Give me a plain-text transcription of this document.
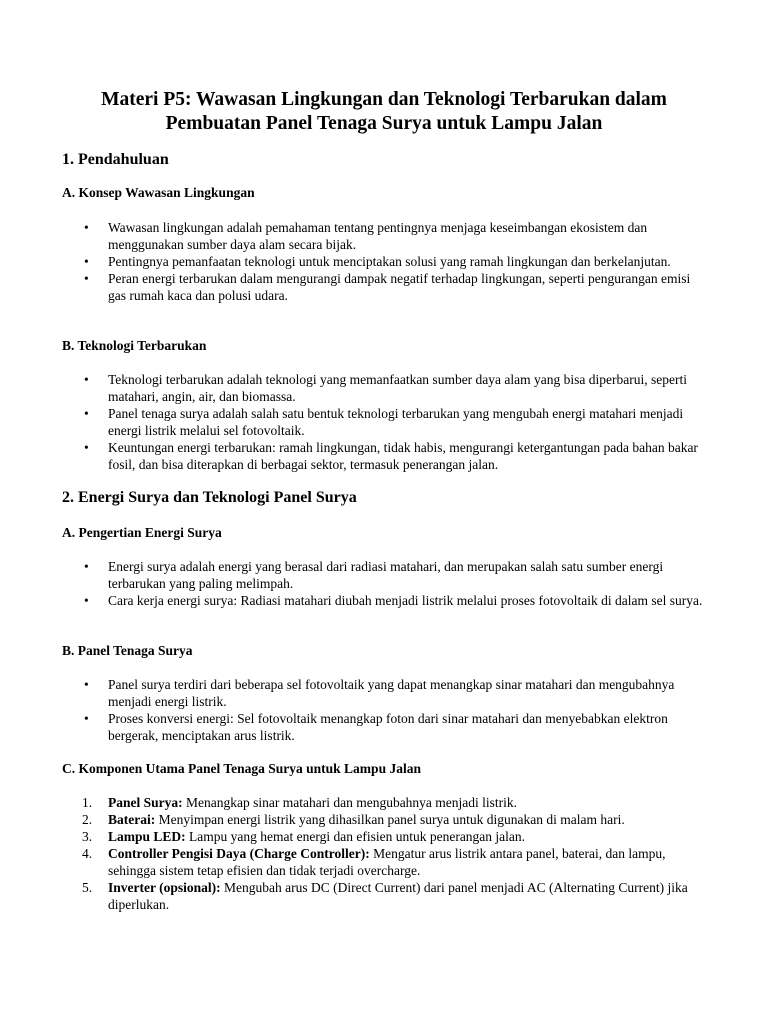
Materi P5: Wawasan Lingkungan dan Teknologi Terbarukan dalam
Pembuatan Panel Tenaga Surya untuk Lampu Jalan
1. Pendahuluan
A. Konsep Wawasan Lingkungan
• Wawasan lingkungan adalah pemahaman tentang pentingnya menjaga keseimbangan ekosistem dan menggunakan sumber daya alam secara bijak.
• Pentingnya pemanfaatan teknologi untuk menciptakan solusi yang ramah lingkungan dan berkelanjutan.
• Peran energi terbarukan dalam mengurangi dampak negatif terhadap lingkungan, seperti pengurangan emisi gas rumah kaca dan polusi udara.
B. Teknologi Terbarukan
• Teknologi terbarukan adalah teknologi yang memanfaatkan sumber daya alam yang bisa diperbarui, seperti matahari, angin, air, dan biomassa.
• Panel tenaga surya adalah salah satu bentuk teknologi terbarukan yang mengubah energi matahari menjadi energi listrik melalui sel fotovoltaik.
• Keuntungan energi terbarukan: ramah lingkungan, tidak habis, mengurangi ketergantungan pada bahan bakar fosil, dan bisa diterapkan di berbagai sektor, termasuk penerangan jalan.
2. Energi Surya dan Teknologi Panel Surya
A. Pengertian Energi Surya
• Energi surya adalah energi yang berasal dari radiasi matahari, dan merupakan salah satu sumber energi terbarukan yang paling melimpah.
• Cara kerja energi surya: Radiasi matahari diubah menjadi listrik melalui proses fotovoltaik di dalam sel surya.
B. Panel Tenaga Surya
• Panel surya terdiri dari beberapa sel fotovoltaik yang dapat menangkap sinar matahari dan mengubahnya menjadi energi listrik.
• Proses konversi energi: Sel fotovoltaik menangkap foton dari sinar matahari dan menyebabkan elektron bergerak, menciptakan arus listrik.
C. Komponen Utama Panel Tenaga Surya untuk Lampu Jalan
1. Panel Surya: Menangkap sinar matahari dan mengubahnya menjadi listrik.
2. Baterai: Menyimpan energi listrik yang dihasilkan panel surya untuk digunakan di malam hari.
3. Lampu LED: Lampu yang hemat energi dan efisien untuk penerangan jalan.
4. Controller Pengisi Daya (Charge Controller): Mengatur arus listrik antara panel, baterai, dan lampu, sehingga sistem tetap efisien dan tidak terjadi overcharge.
5. Inverter (opsional): Mengubah arus DC (Direct Current) dari panel menjadi AC (Alternating Current) jika diperlukan.
